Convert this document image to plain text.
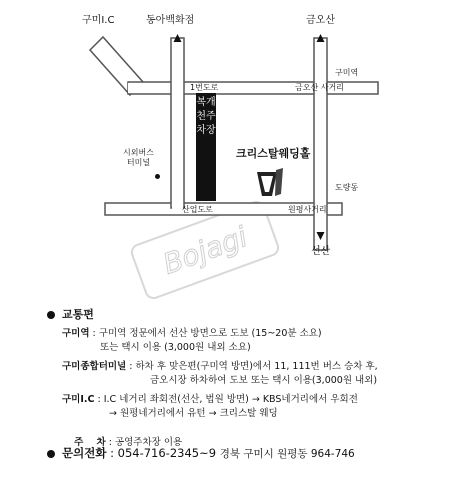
Bojagi
구미I.C	동아백화점	금오산
구미역
1번도로	금오산 사거리
시외버스
터미널
복개천주차장
크리스탈웨딩홀
도량동
산업도로	원평사거리
선산
교통편
구미역 : 구미역 정문에서 선산 방면으로 도보 (15~20분 소요)
또는 택시 이용 (3,000원 내외 소요)
구미종합터미널 : 하차 후 맞은편(구미역 방면)에서 11, 111번 버스 승차 후,
금오시장 하차하여 도보 또는 택시 이용(3,000원 내외)
구미I.C : I.C 네거리 좌회전(선산, 법원 방면) → KBS네거리에서 우회전
→ 원평네거리에서 유턴 → 크리스탈 웨딩

주    차 : 공영주차장 이용

문의전화 : 054-716-2345~9 경북 구미시 원평동 964-746
